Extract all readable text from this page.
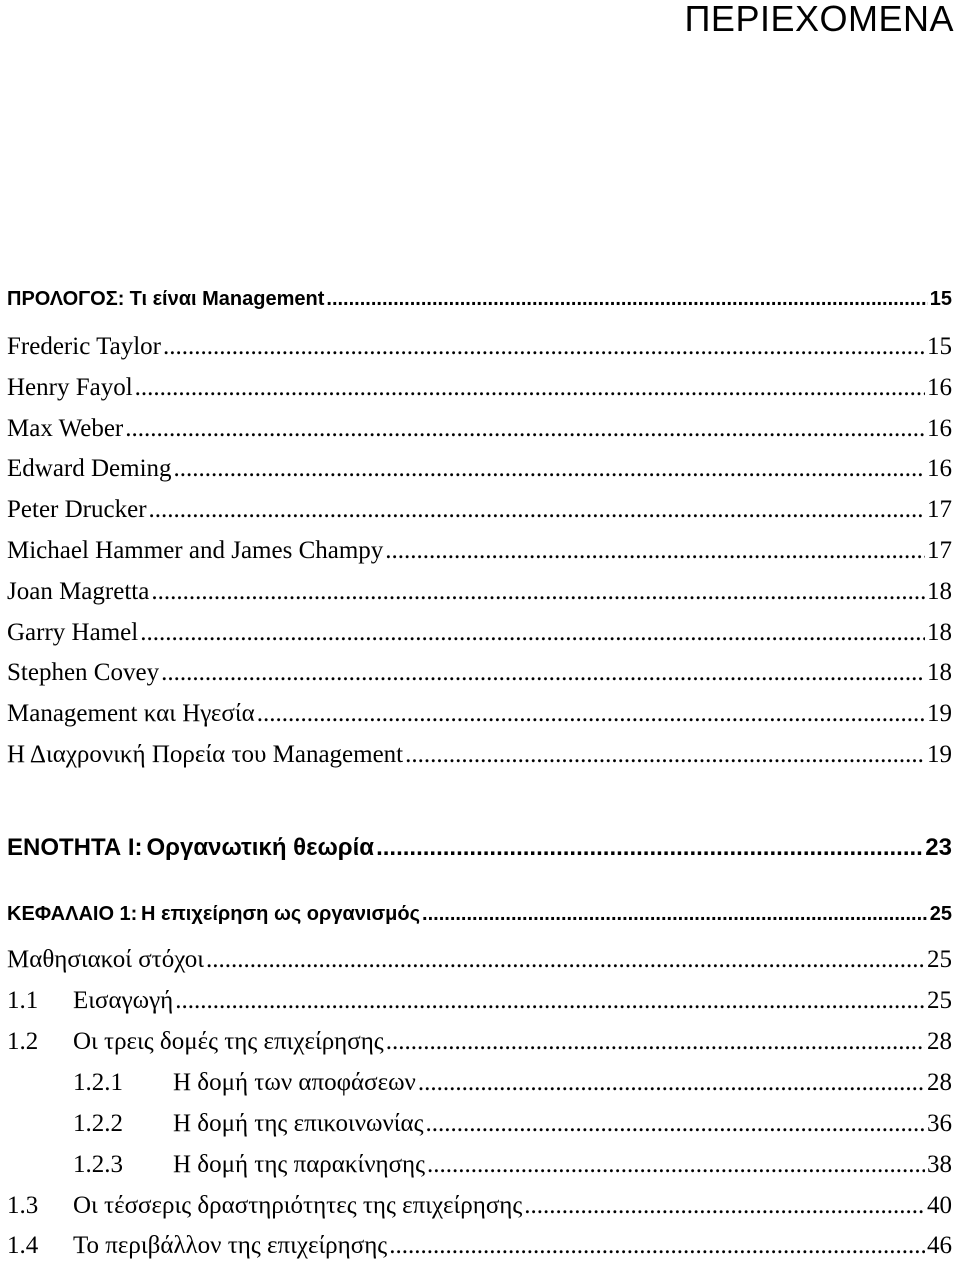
ΠΕΡΙΕΧΟΜΕΝΑ
ΠΡΟΛΟΓΟΣ: Τι είναι Management .....	15
Frederic Taylor .....	15
Henry Fayol .....	16
Max Weber .....	16
Edward Deming .....	16
Peter Drucker .....	17
Michael Hammer and James Champy .....	17
Joan Magretta .....	18
Garry Hamel .....	18
Stephen Covey .....	18
Management και Ηγεσία .....	19
Η Διαχρονική Πορεία του Management .....	19
ΕΝΟΤΗΤΑ Ι: Οργανωτική θεωρία .....	23
ΚΕΦΑΛΑΙΟ 1: Η επιχείρηση ως οργανισμός .....	25
Μαθησιακοί στόχοι .....	25
1.1	Εισαγωγή .....	25
1.2	Οι τρεις δομές της επιχείρησης .....	28
1.2.1	Η δομή των αποφάσεων .....	28
1.2.2	Η δομή της επικοινωνίας .....	36
1.2.3	Η δομή της παρακίνησης .....	38
1.3	Οι τέσσερις δραστηριότητες της επιχείρησης .....	40
1.4	Το περιβάλλον της επιχείρησης .....	46
